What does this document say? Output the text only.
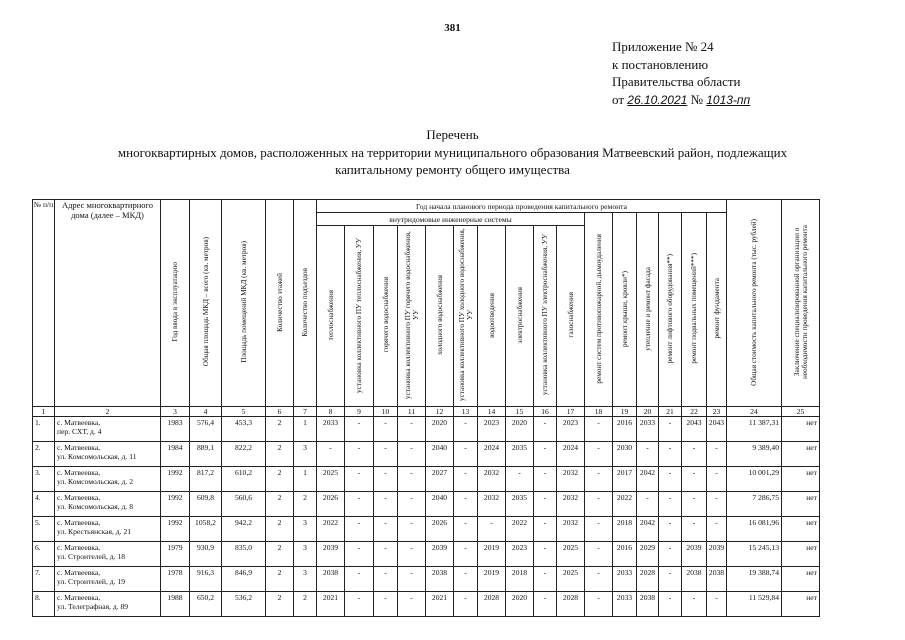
381
Приложение № 24
к постановлению
Правительства области
от 26.10.2021 № 1013-пп
Перечень
многоквартирных домов, расположенных на территории муниципального образования Матвеевский район, подлежащих
капитальному ремонту общего имущества
№ п/п	Адрес многоквартирного дома (далее – МКД)	Год ввода в эксплуатацию	Общая площадь МКД – всего (кв. метров)	Площадь помещений МКД (кв. метров)	Количество этажей	Количество подъездов	Год начала планового периода проведения капитального ремонта																Общая стоимость капитального ремонта (тыс. рублей)	Заключение специализированной организации о необходимости проведения капитального ремонта
							внутридомовые инженерные системы										ремонт систем противопожарной, дымоудаления	ремонт крыши, кровли*)	утепление и ремонт фасада	ремонт лифтового оборудования**)	ремонт подвальных помещений***)	ремонт фундамента		
							теплоснабжения	установка коллективного ПУ теплоснабжения, УУ	горячего водоснабжения	установка коллективного ПУ горячего водоснабжения, УУ	холодного водоснабжения	установка коллективного ПУ холодного водоснабжения, УУ	водоотведения	электроснабжения	установка коллективного ПУ электроснабжения, УУ	газоснабжения								
1	2	3	4	5	6	7	8	9	10	11	12	13	14	15	16	17	18	19	20	21	22	23	24	25
1.	с. Матвеевка,
пер. СХТ, д. 4	1983	576,4	453,3	2	1	2033	-	-	-	2020	-	2023	2020	-	2023	-	2016	2033	-	2043	2043	11 387,31	нет
2.	с. Матвеевка,
ул. Комсомольская, д. 11	1984	889,1	822,2	2	3	-	-	-	-	2040	-	2024	2035	-	2024	-	2030	-	-	-	-	9 389,40	нет
3.	с. Матвеевка,
ул. Комсомольская, д. 2	1992	817,2	610,2	2	1	2025	-	-	-	2027	-	2032	-	-	2032	-	2017	2042	-	-	-	10 001,29	нет
4.	с. Матвеевка,
ул. Комсомольская, д. 8	1992	609,8	560,6	2	2	2026	-	-	-	2040	-	2032	2035	-	2032	-	2022	-	-	-	-	7 286,75	нет
5.	с. Матвеевка,
ул. Крестьянская, д. 21	1992	1058,2	942,2	2	3	2022	-	-	-	2026	-	-	2022	-	2032	-	2018	2042	-	-	-	16 081,96	нет
6.	с. Матвеевка,
ул. Строителей, д. 18	1979	930,9	835,0	2	3	2039	-	-	-	2039	-	2019	2023	-	2025	-	2016	2029	-	2039	2039	15 245,13	нет
7.	с. Матвеевка,
ул. Строителей, д. 19	1978	916,3	846,9	2	3	2038	-	-	-	2038	-	2019	2018	-	2025	-	2033	2028	-	2038	2038	19 388,74	нет
8.	с. Матвеевка,
ул. Телеграфная, д. 89	1988	650,2	536,2	2	2	2021	-	-	-	2021	-	2028	2020	-	2028	-	2033	2038	-	-	-	11 529,84	нет
